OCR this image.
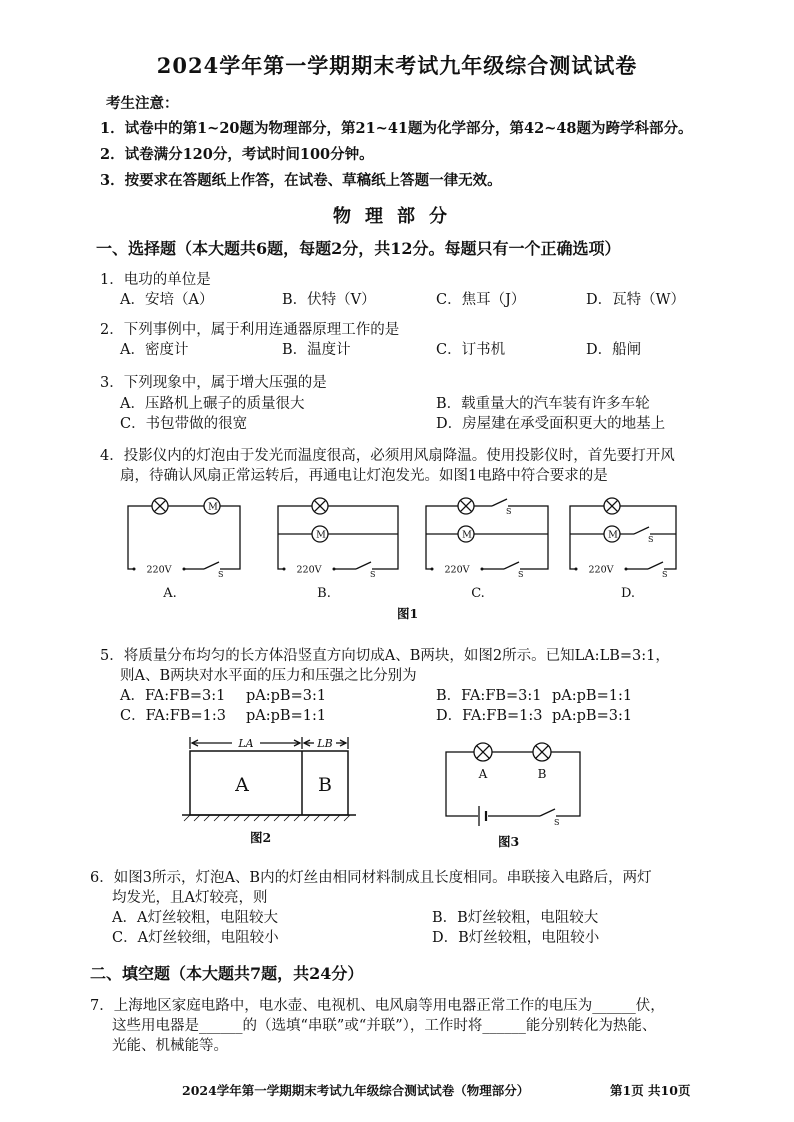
2024学年第一学期期末考试九年级综合测试试卷
考生注意：
1．试卷中的第1~20题为物理部分，第21~41题为化学部分，第42~48题为跨学科部分。
2．试卷满分120分，考试时间100分钟。
3．按要求在答题纸上作答，在试卷、草稿纸上答题一律无效。
物理部分
一、选择题（本大题共6题，每题2分，共12分。每题只有一个正确选项）
1．电功的单位是
A．安培（A）	B．伏特（V）	C．焦耳（J）	D．瓦特（W）
2．下列事例中，属于利用连通器原理工作的是
A．密度计	B．温度计	C．订书机	D．船闸
3．下列现象中，属于增大压强的是
A．压路机上碾子的质量很大	B．载重量大的汽车装有许多车轮
C．书包带做的很宽	D．房屋建在承受面积更大的地基上
4．投影仪内的灯泡由于发光而温度很高，必须用风扇降温。使用投影仪时，首先要打开风
扇，待确认风扇正常运转后，再通电让灯泡发光。如图1电路中符合要求的是
M
M	M	M
220V	220V	220V	220V
S	S	S	S
S
S
A.	B.	C.	D.
图1
5．将质量分布均匀的长方体沿竖直方向切成A、B两块，如图2所示。已知LA:LB=3:1，
则A、B两块对水平面的压力和压强之比分别为
A．FA:FB=3:1 pA:pB=3:1	B．FA:FB=3:1 pA:pB=1:1
C．FA:FB=1:3 pA:pB=1:1	D．FA:FB=1:3 pA:pB=3:1
LA	LB
A	B
图2
A	B
S
图3
6．如图3所示，灯泡A、B内的灯丝由相同材料制成且长度相同。串联接入电路后，两灯
均发光，且A灯较亮，则
A．A灯丝较粗，电阻较大	B．B灯丝较粗，电阻较大
C．A灯丝较细，电阻较小	D．B灯丝较粗，电阻较小
二、填空题（本大题共7题，共24分）
7．上海地区家庭电路中，电水壶、电视机、电风扇等用电器正常工作的电压为______伏，
这些用电器是______的（选填“串联”或“并联”），工作时将______能分别转化为热能、
光能、机械能等。
2024学年第一学期期末考试九年级综合测试试卷（物理部分）	第1页 共10页
